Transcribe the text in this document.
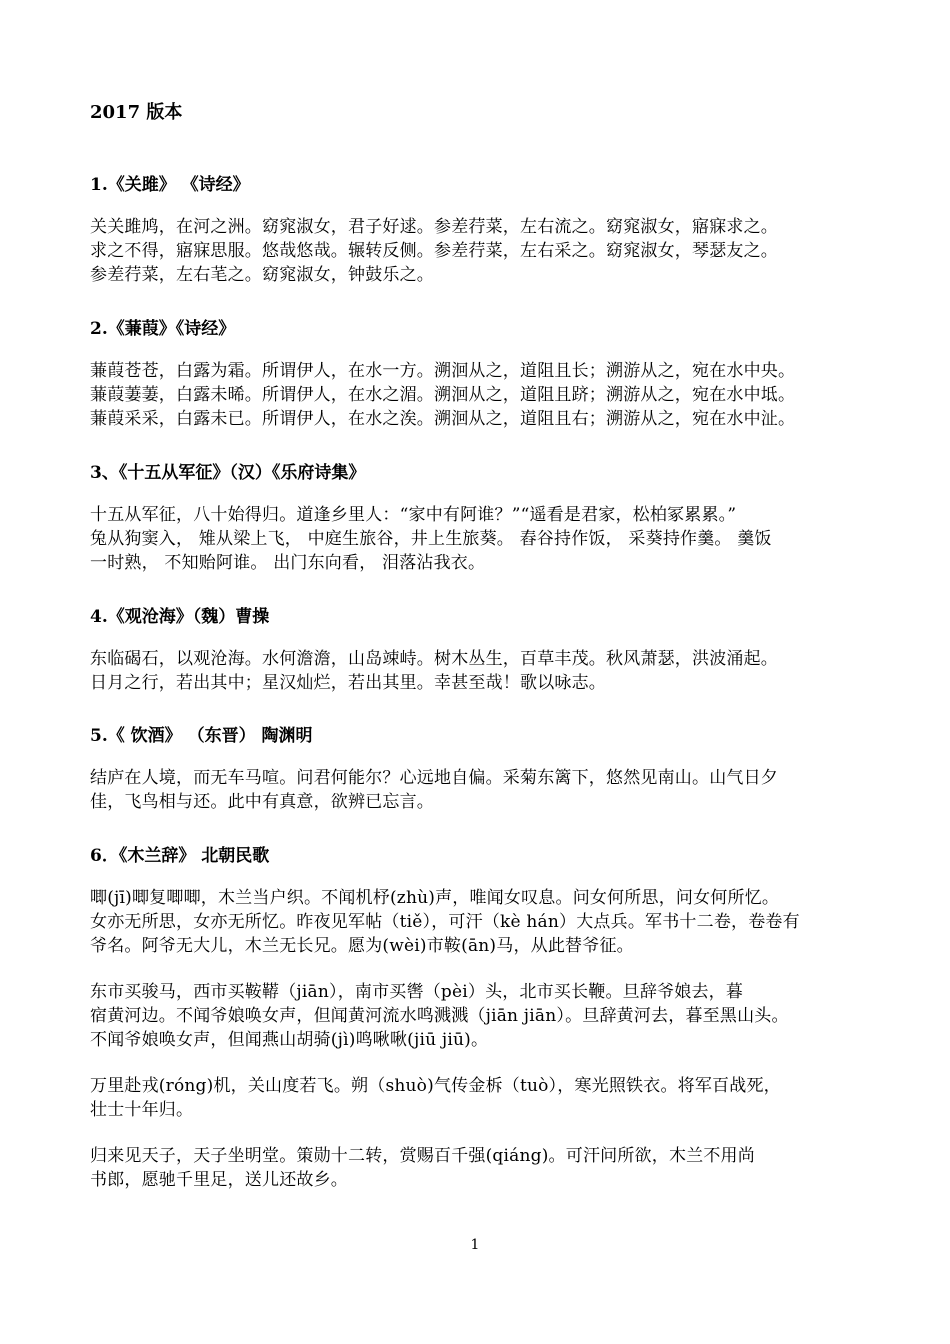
2017 版本
1.《关雎》 《诗经》
关关雎鸠，在河之洲。窈窕淑女，君子好逑。参差荇菜，左右流之。窈窕淑女，寤寐求之。
求之不得，寤寐思服。悠哉悠哉。辗转反侧。参差荇菜，左右采之。窈窕淑女，琴瑟友之。
参差荇菜，左右芼之。窈窕淑女，钟鼓乐之。
2.《蒹葭》《诗经》
蒹葭苍苍，白露为霜。所谓伊人，在水一方。溯洄从之，道阻且长；溯游从之，宛在水中央。
蒹葭萋萋，白露未晞。所谓伊人，在水之湄。溯洄从之，道阻且跻；溯游从之，宛在水中坻。
蒹葭采采，白露未已。所谓伊人，在水之涘。溯洄从之，道阻且右；溯游从之，宛在水中沚。
3、《十五从军征》（汉）《乐府诗集》
十五从军征，八十始得归。道逢乡里人：“家中有阿谁？”“遥看是君家，松柏冢累累。”
兔从狗窦入， 雉从梁上飞， 中庭生旅谷，井上生旅葵。 舂谷持作饭， 采葵持作羹。 羹饭
一时熟， 不知贻阿谁。 出门东向看， 泪落沾我衣。
4.《观沧海》（魏）曹操
东临碣石，以观沧海。水何澹澹，山岛竦峙。树木丛生，百草丰茂。秋风萧瑟，洪波涌起。
日月之行，若出其中；星汉灿烂，若出其里。幸甚至哉！歌以咏志。
5.《 饮酒》 （东晋） 陶渊明
结庐在人境，而无车马喧。问君何能尔？心远地自偏。采菊东篱下，悠然见南山。山气日夕
佳，飞鸟相与还。此中有真意，欲辨已忘言。
6．《木兰辞》 北朝民歌
唧(jī)唧复唧唧，木兰当户织。不闻机杼(zhù)声，唯闻女叹息。问女何所思，问女何所忆。
女亦无所思，女亦无所忆。昨夜见军帖（tiě），可汗（kè hán）大点兵。军书十二卷，卷卷有
爷名。阿爷无大儿，木兰无长兄。愿为(wèi)市鞍(ān)马，从此替爷征。
东市买骏马，西市买鞍鞯（jiān），南市买辔（pèi）头，北市买长鞭。旦辞爷娘去，暮
宿黄河边。不闻爷娘唤女声，但闻黄河流水鸣溅溅（jiān jiān）。旦辞黄河去，暮至黑山头。
不闻爷娘唤女声，但闻燕山胡骑(jì)鸣啾啾(jiū jiū)。
万里赴戎(róng)机，关山度若飞。朔（shuò)气传金柝（tuò），寒光照铁衣。将军百战死，
壮士十年归。
归来见天子，天子坐明堂。策勋十二转，赏赐百千强(qiáng)。可汗问所欲，木兰不用尚
书郎，愿驰千里足，送儿还故乡。
1
